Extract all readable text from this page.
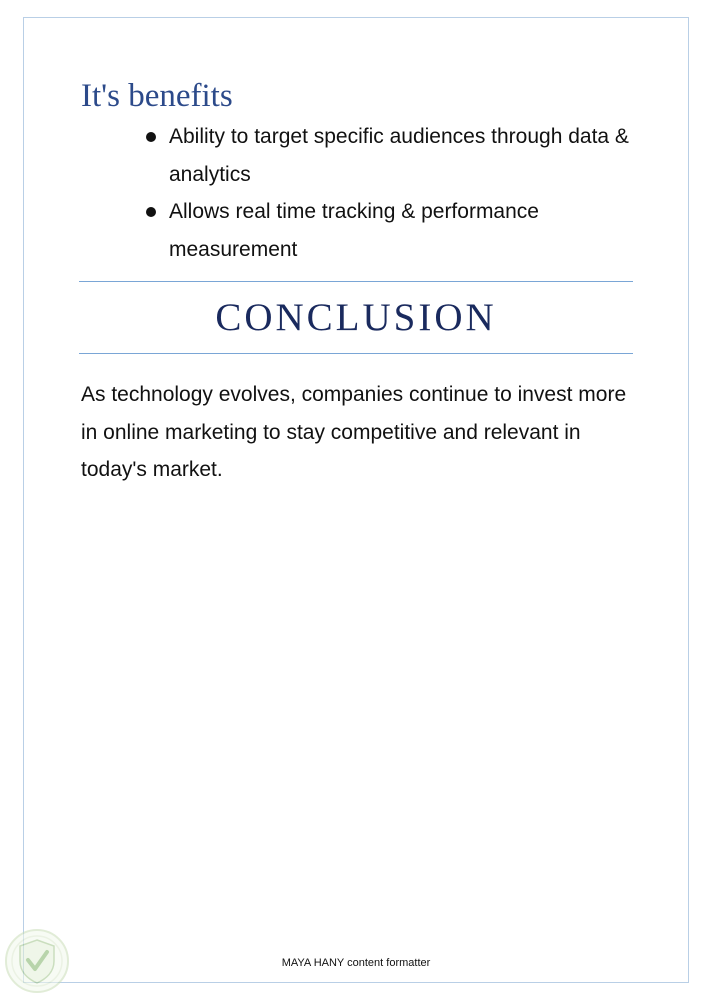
It's benefits
Ability to target specific audiences through data & analytics
Allows real time tracking & performance measurement
CONCLUSION

As technology evolves, companies continue to invest more in online marketing to stay competitive and relevant in today's market.

MAYA HANY content formatter
